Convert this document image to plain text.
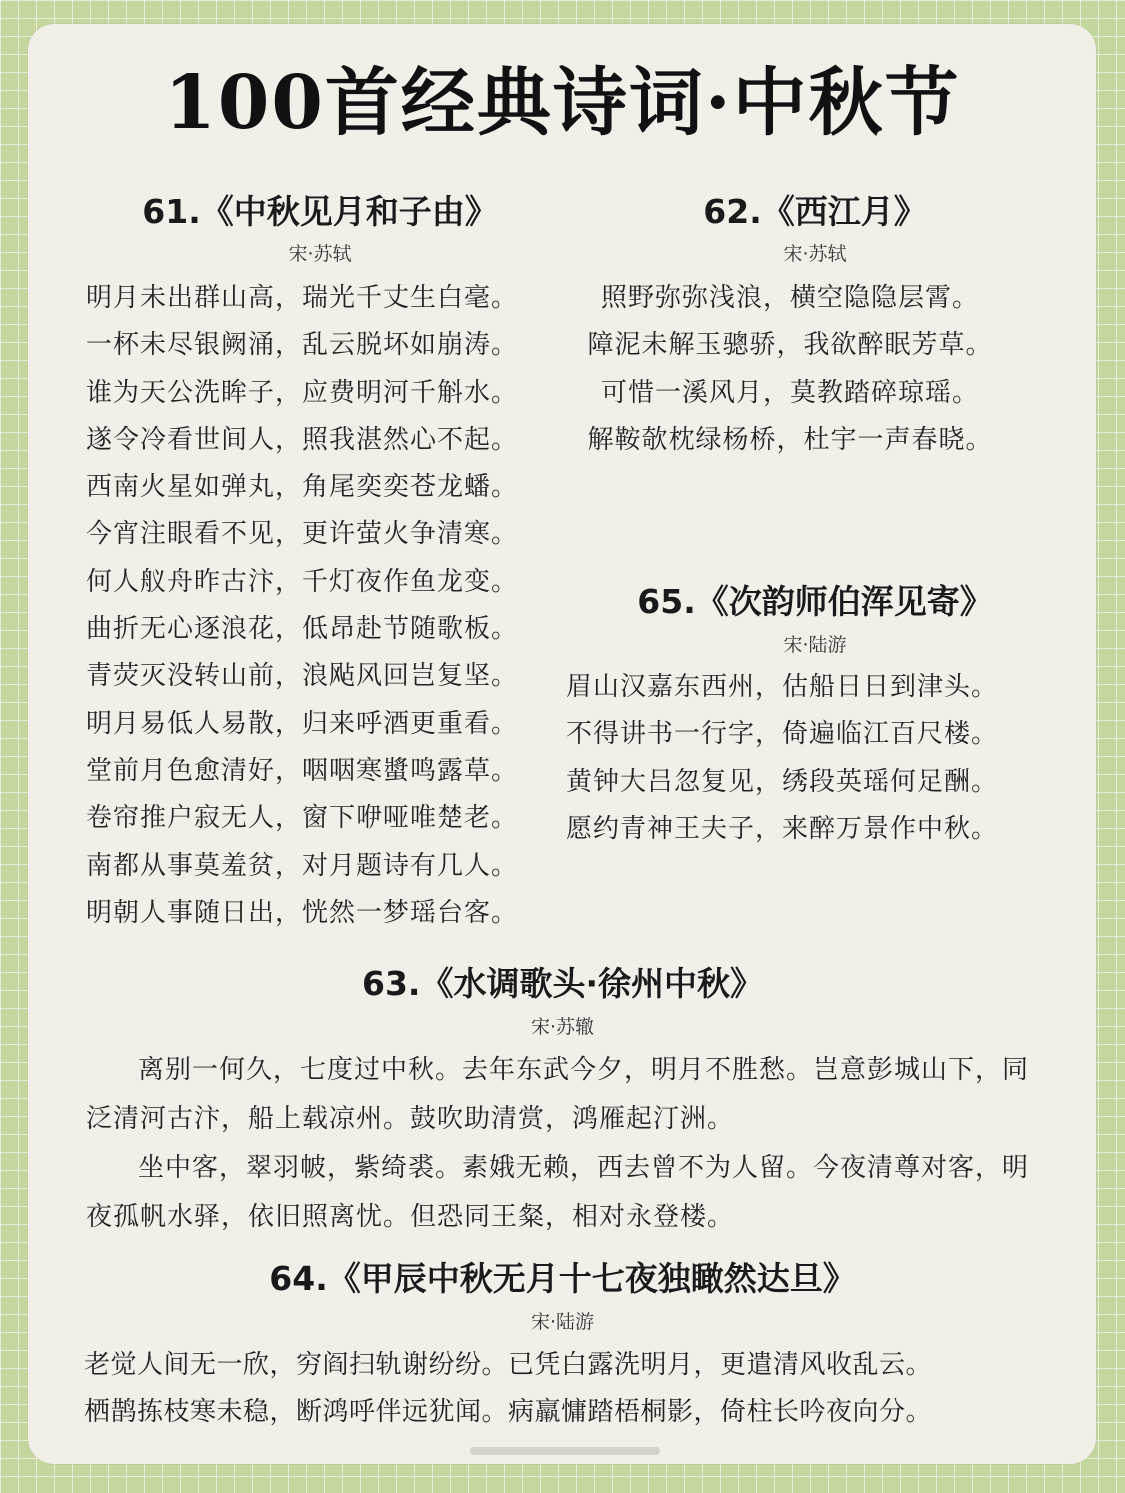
100首经典诗词·中秋节
61.《中秋见月和子由》
宋·苏轼
明月未出群山高，瑞光千丈生白毫。
一杯未尽银阙涌，乱云脱坏如崩涛。
谁为天公洗眸子，应费明河千斛水。
遂令冷看世间人，照我湛然心不起。
西南火星如弹丸，角尾奕奕苍龙蟠。
今宵注眼看不见，更许萤火争清寒。
何人舣舟昨古汴，千灯夜作鱼龙变。
曲折无心逐浪花，低昂赴节随歌板。
青荧灭没转山前，浪飐风回岂复坚。
明月易低人易散，归来呼酒更重看。
堂前月色愈清好，咽咽寒螿鸣露草。
卷帘推户寂无人，窗下咿哑唯楚老。
南都从事莫羞贫，对月题诗有几人。
明朝人事随日出，恍然一梦瑶台客。
62.《西江月》
宋·苏轼
照野弥弥浅浪，横空隐隐层霄。
障泥未解玉骢骄，我欲醉眠芳草。
可惜一溪风月，莫教踏碎琼瑶。
解鞍欹枕绿杨桥，杜宇一声春晓。
65.《次韵师伯浑见寄》
宋·陆游
眉山汉嘉东西州，估船日日到津头。
不得讲书一行字，倚遍临江百尺楼。
黄钟大吕忽复见，绣段英瑶何足酬。
愿约青神王夫子，来醉万景作中秋。
63.《水调歌头·徐州中秋》
宋·苏辙

离别一何久，七度过中秋。去年东武今夕，明月不胜愁。岂意彭城山下，同泛清河古汴，船上载凉州。鼓吹助清赏，鸿雁起汀洲。

坐中客，翠羽帔，紫绮裘。素娥无赖，西去曾不为人留。今夜清尊对客，明夜孤帆水驿，依旧照离忧。但恐同王粲，相对永登楼。

64.《甲辰中秋无月十七夜独瞰然达旦》
宋·陆游
老觉人间无一欣，穷阎扫轨谢纷纷。已凭白露洗明月，更遣清风收乱云。
栖鹊拣枝寒未稳，断鸿呼伴远犹闻。病羸慵踏梧桐影，倚柱长吟夜向分。
